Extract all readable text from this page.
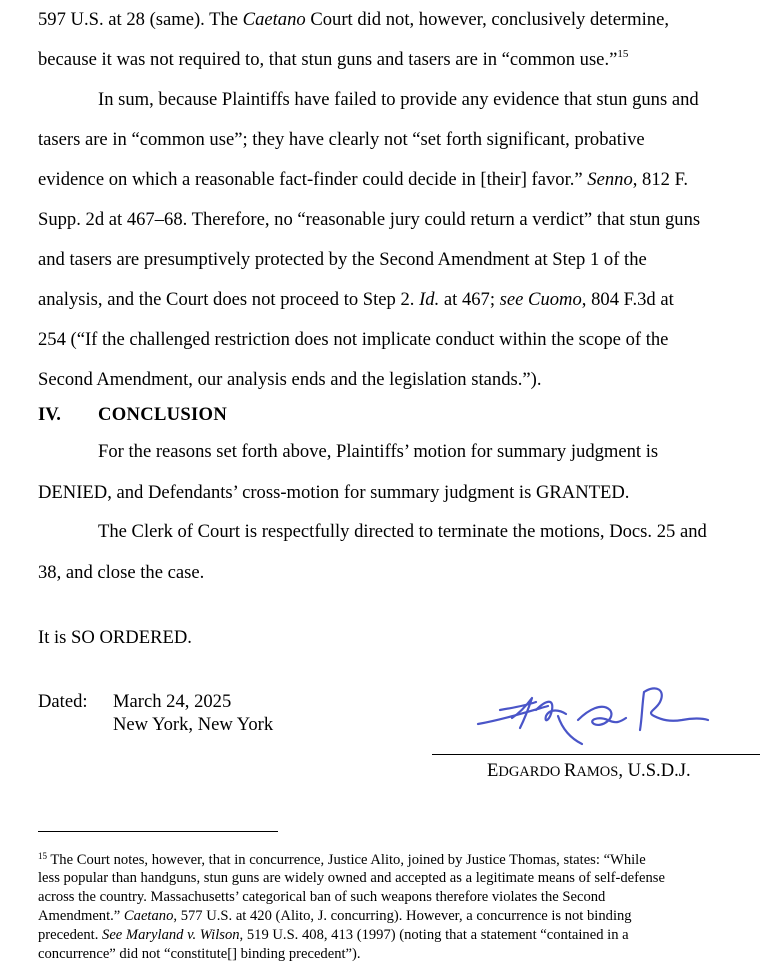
597 U.S. at 28 (same). The Caetano Court did not, however, conclusively determine,
because it was not required to, that stun guns and tasers are in “common use.”$^{15}$
In sum, because Plaintiffs have failed to provide any evidence that stun guns and
tasers are in “common use”; they have clearly not “set forth significant, probative
evidence on which a reasonable fact-finder could decide in [their] favor.” Senno, 812 F.
Supp. 2d at 467–68. Therefore, no “reasonable jury could return a verdict” that stun guns
and tasers are presumptively protected by the Second Amendment at Step 1 of the
analysis, and the Court does not proceed to Step 2. Id. at 467; see Cuomo, 804 F.3d at
254 (“If the challenged restriction does not implicate conduct within the scope of the
Second Amendment, our analysis ends and the legislation stands.”).
IV. CONCLUSION
For the reasons set forth above, Plaintiffs’ motion for summary judgment is
DENIED, and Defendants’ cross-motion for summary judgment is GRANTED.
The Clerk of Court is respectfully directed to terminate the motions, Docs. 25 and
38, and close the case.
It is SO ORDERED.
Dated: March 24, 2025
New York, New York
EDGARDO RAMOS, U.S.D.J.
$^{15}$ The Court notes, however, that in concurrence, Justice Alito, joined by Justice Thomas, states: “While
less popular than handguns, stun guns are widely owned and accepted as a legitimate means of self-defense
across the country. Massachusetts’ categorical ban of such weapons therefore violates the Second
Amendment.” Caetano, 577 U.S. at 420 (Alito, J. concurring). However, a concurrence is not binding
precedent. See Maryland v. Wilson, 519 U.S. 408, 413 (1997) (noting that a statement “contained in a
concurrence” did not “constitute[] binding precedent”).
